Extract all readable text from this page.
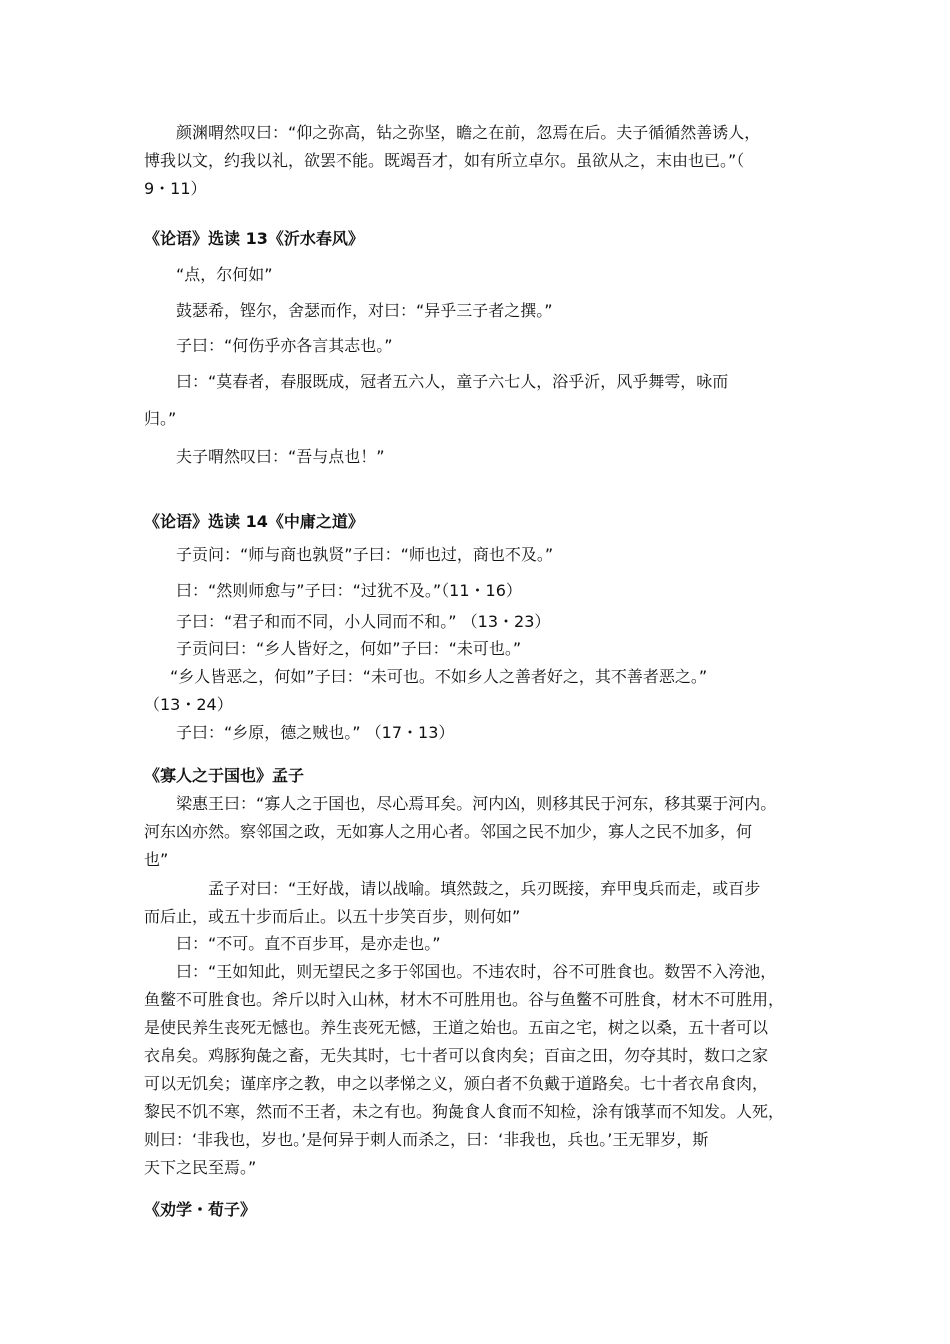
颜渊喟然叹曰：“仰之弥高，钻之弥坚，瞻之在前，忽焉在后。夫子循循然善诱人，
博我以文，约我以礼，欲罢不能。既竭吾才，如有所立卓尔。虽欲从之，末由也已。”（
9・11）
《论语》选读 13《沂水春风》
“点，尔何如”
鼓瑟希，铿尔，舍瑟而作，对曰：“异乎三子者之撰。”
子曰：“何伤乎亦各言其志也。”
曰：“莫春者，春服既成，冠者五六人，童子六七人，浴乎沂，风乎舞雩，咏而
归。”
夫子喟然叹曰：“吾与点也！”
《论语》选读 14《中庸之道》
子贡问：“师与商也孰贤”子曰：“师也过，商也不及。”
曰：“然则师愈与”子曰：“过犹不及。”（11・16）
子曰：“君子和而不同，小人同而不和。” （13・23）
子贡问曰：“乡人皆好之，何如”子曰：“未可也。”
“乡人皆恶之，何如”子曰：“未可也。不如乡人之善者好之，其不善者恶之。”
（13・24）
子曰：“乡原，德之贼也。” （17・13）
《寡人之于国也》孟子
梁惠王曰：“寡人之于国也，尽心焉耳矣。河内凶，则移其民于河东，移其粟于河内。
河东凶亦然。察邻国之政，无如寡人之用心者。邻国之民不加少，寡人之民不加多，何
也”
孟子对曰：“王好战，请以战喻。填然鼓之，兵刃既接，弃甲曳兵而走，或百步
而后止，或五十步而后止。以五十步笑百步，则何如”
曰：“不可。直不百步耳，是亦走也。”
曰：“王如知此，则无望民之多于邻国也。不违农时，谷不可胜食也。数罟不入洿池，
鱼鳖不可胜食也。斧斤以时入山林，材木不可胜用也。谷与鱼鳖不可胜食，材木不可胜用，
是使民养生丧死无憾也。养生丧死无憾，王道之始也。五亩之宅，树之以桑，五十者可以
衣帛矣。鸡豚狗彘之畜，无失其时，七十者可以食肉矣；百亩之田，勿夺其时，数口之家
可以无饥矣；谨庠序之教，申之以孝悌之义，颁白者不负戴于道路矣。七十者衣帛食肉，
黎民不饥不寒，然而不王者，未之有也。狗彘食人食而不知检，涂有饿莩而不知发。人死，
则曰：‘非我也，岁也。’是何异于刺人而杀之，曰：‘非我也，兵也。’王无罪岁，斯
天下之民至焉。”
《劝学・荀子》
